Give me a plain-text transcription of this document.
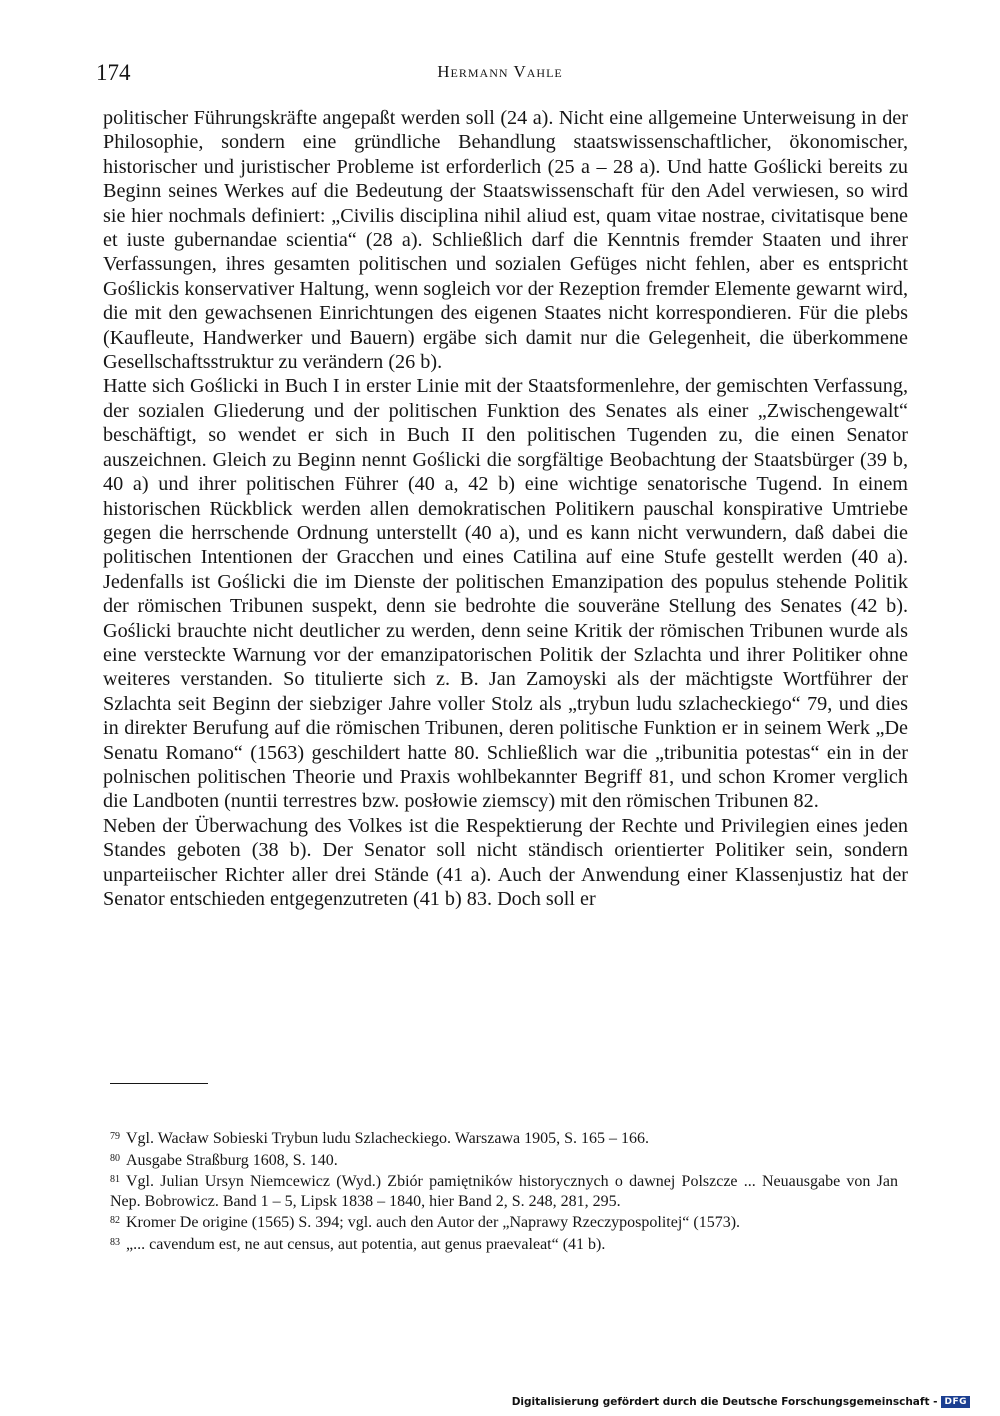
174	Hermann Vahle

politischer Führungskräfte angepaßt werden soll (24 a). Nicht eine allgemeine Unterweisung in der Philosophie, sondern eine gründliche Behandlung staatswissenschaftlicher, ökonomischer, historischer und juristischer Probleme ist erforderlich (25 a – 28 a). Und hatte Goślicki bereits zu Beginn seines Werkes auf die Bedeutung der Staatswissenschaft für den Adel verwiesen, so wird sie hier nochmals definiert: „Civilis disciplina nihil aliud est, quam vitae nostrae, civitatisque bene et iuste gubernandae scientia“ (28 a). Schließlich darf die Kenntnis fremder Staaten und ihrer Verfassungen, ihres gesamten politischen und sozialen Gefüges nicht fehlen, aber es entspricht Goślickis konservativer Haltung, wenn sogleich vor der Rezeption fremder Elemente gewarnt wird, die mit den gewachsenen Einrichtungen des eigenen Staates nicht korrespondieren. Für die plebs (Kaufleute, Handwerker und Bauern) ergäbe sich damit nur die Gelegenheit, die überkommene Gesellschaftsstruktur zu verändern (26 b).

Hatte sich Goślicki in Buch I in erster Linie mit der Staatsformenlehre, der gemischten Verfassung, der sozialen Gliederung und der politischen Funktion des Senates als einer „Zwischengewalt“ beschäftigt, so wendet er sich in Buch II den politischen Tugenden zu, die einen Senator auszeichnen. Gleich zu Beginn nennt Goślicki die sorgfältige Beobachtung der Staatsbürger (39 b, 40 a) und ihrer politischen Führer (40 a, 42 b) eine wichtige senatorische Tugend. In einem historischen Rückblick werden allen demokratischen Politikern pauschal konspirative Umtriebe gegen die herrschende Ordnung unterstellt (40 a), und es kann nicht verwundern, daß dabei die politischen Intentionen der Gracchen und eines Catilina auf eine Stufe gestellt werden (40 a). Jedenfalls ist Goślicki die im Dienste der politischen Emanzipation des populus stehende Politik der römischen Tribunen suspekt, denn sie bedrohte die souveräne Stellung des Senates (42 b). Goślicki brauchte nicht deutlicher zu werden, denn seine Kritik der römischen Tribunen wurde als eine versteckte Warnung vor der emanzipatorischen Politik der Szlachta und ihrer Politiker ohne weiteres verstanden. So titulierte sich z. B. Jan Zamoyski als der mächtigste Wortführer der Szlachta seit Beginn der siebziger Jahre voller Stolz als „trybun ludu szlacheckiego“ 79, und dies in direkter Berufung auf die römischen Tribunen, deren politische Funktion er in seinem Werk „De Senatu Romano“ (1563) geschildert hatte 80. Schließlich war die „tribunitia potestas“ ein in der polnischen politischen Theorie und Praxis wohlbekannter Begriff 81, und schon Kromer verglich die Landboten (nuntii terrestres bzw. posłowie ziemscy) mit den römischen Tribunen 82.

Neben der Überwachung des Volkes ist die Respektierung der Rechte und Privilegien eines jeden Standes geboten (38 b). Der Senator soll nicht ständisch orientierter Politiker sein, sondern unparteiischer Richter aller drei Stände (41 a). Auch der Anwendung einer Klassenjustiz hat der Senator entschieden entgegenzutreten (41 b) 83. Doch soll er

$^{79}$ Vgl. Wacław Sobieski Trybun ludu Szlacheckiego. Warszawa 1905, S. 165 – 166.

$^{80}$ Ausgabe Straßburg 1608, S. 140.

$^{81}$ Vgl. Julian Ursyn Niemcewicz (Wyd.) Zbiór pamiętników historycznych o dawnej Polszcze ... Neuausgabe von Jan Nep. Bobrowicz. Band 1 – 5, Lipsk 1838 – 1840, hier Band 2, S. 248, 281, 295.

$^{82}$ Kromer De origine (1565) S. 394; vgl. auch den Autor der „Naprawy Rzeczypospolitej“ (1573).

$^{83}$ „... cavendum est, ne aut census, aut potentia, aut genus praevaleat“ (41 b).

Digitalisierung gefördert durch die Deutsche Forschungsgemeinschaft - DFG
